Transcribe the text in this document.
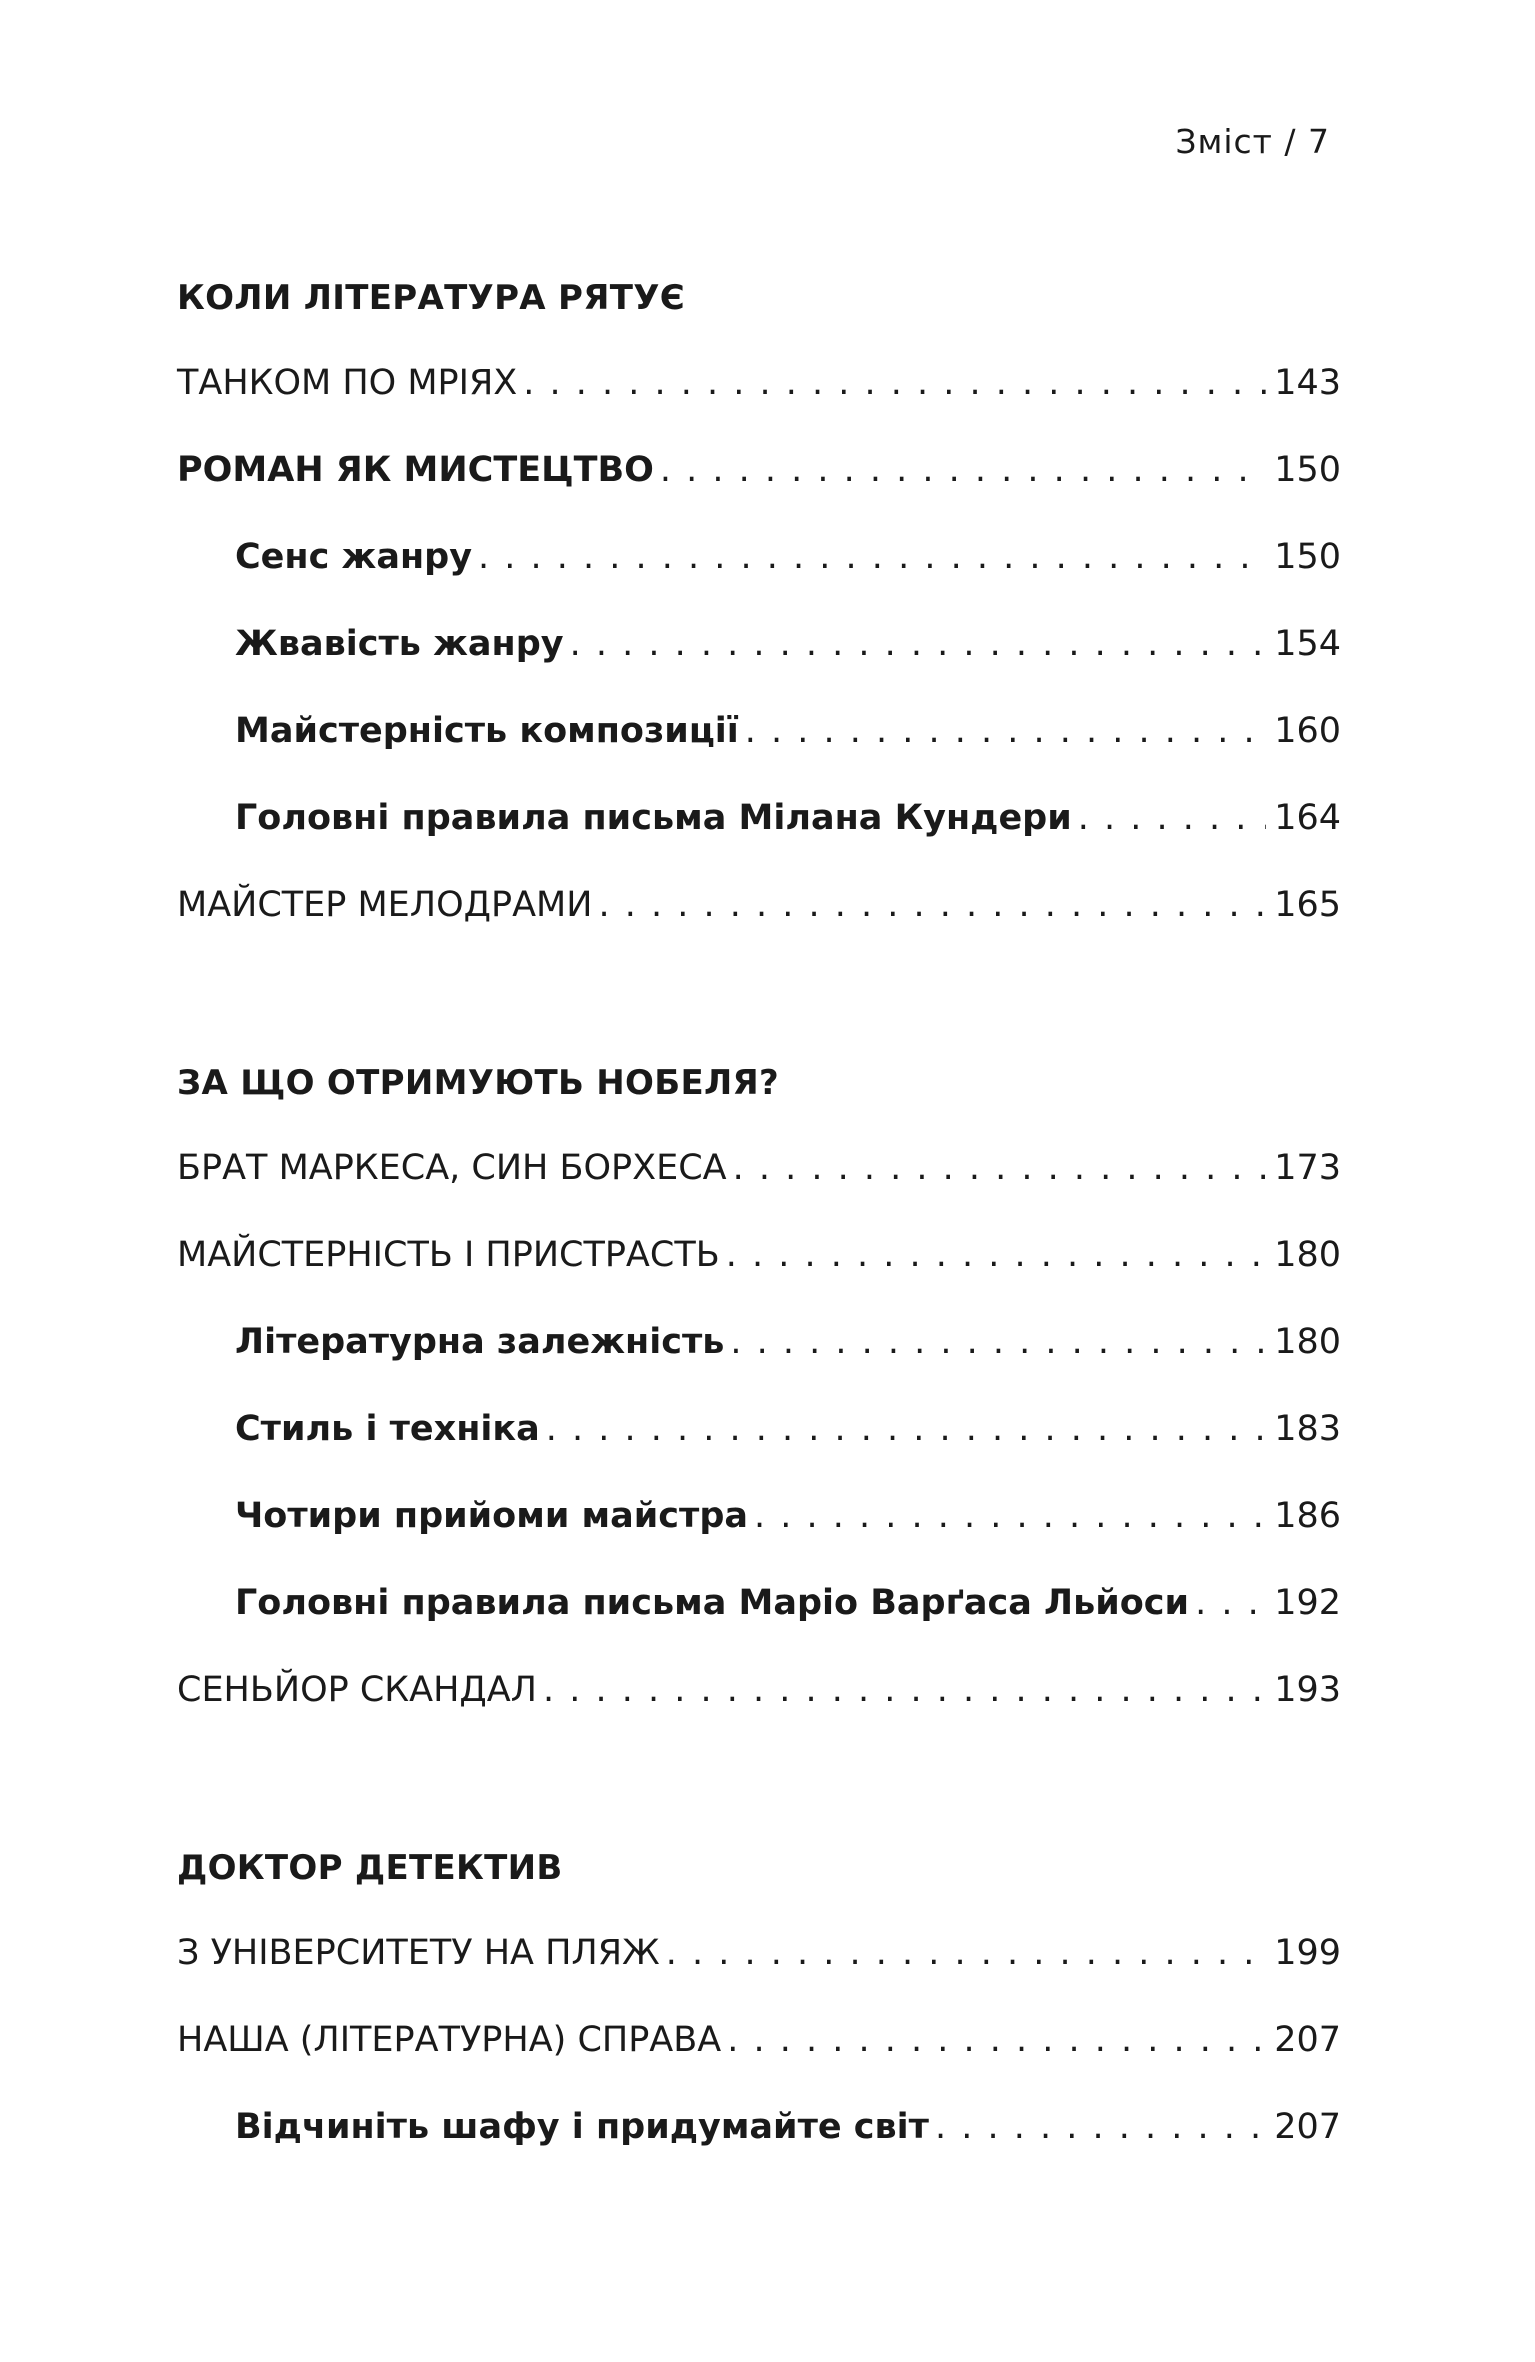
Зміст / 7
КОЛИ ЛІТЕРАТУРА РЯТУЄ
ТАНКОМ ПО МРІЯХ . . .	143
РОМАН ЯК МИСТЕЦТВО . . .	150
Сенс жанру . . .	150
Жвавість жанру . . .	154
Майстерність композиції . . .	160
Головні правила письма Мілана Кундери . . .	164
МАЙСТЕР МЕЛОДРАМИ . . .	165
ЗА ЩО ОТРИМУЮТЬ НОБЕЛЯ?
БРАТ МАРКЕСА, СИН БОРХЕСА . . .	173
МАЙСТЕРНІСТЬ І ПРИСТРАСТЬ . . .	180
Літературна залежність . . .	180
Стиль і техніка . . .	183
Чотири прийоми майстра . . .	186
Головні правила письма Маріо Варґаса Льйоси . . . 192
СЕНЬЙОР СКАНДАЛ . . .	193
ДОКТОР ДЕТЕКТИВ
З УНІВЕРСИТЕТУ НА ПЛЯЖ . . .	199
НАША (ЛІТЕРАТУРНА) СПРАВА . . .	207
Відчиніть шафу і придумайте світ . . .	207
